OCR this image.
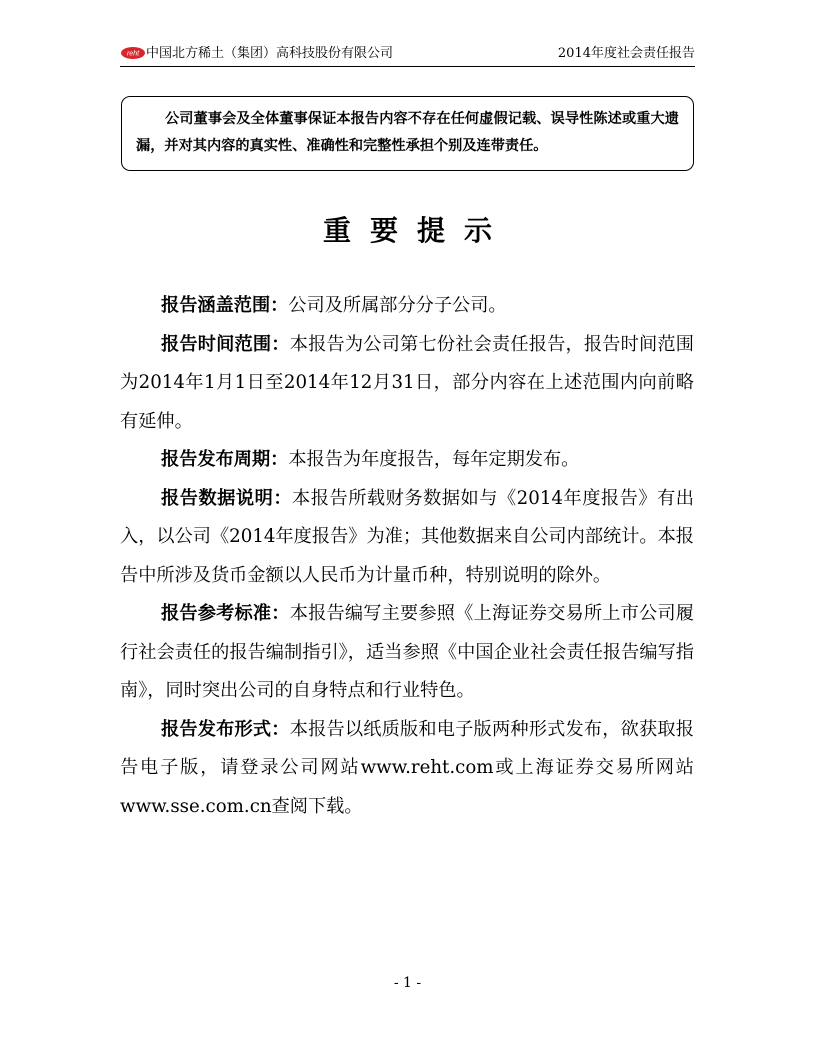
reht 中国北方稀土（集团）高科技股份有限公司	2014年度社会责任报告
公司董事会及全体董事保证本报告内容不存在任何虚假记载、误导性陈述或重大遗漏，并对其内容的真实性、准确性和完整性承担个别及连带责任。
重要提示

报告涵盖范围：公司及所属部分分子公司。

报告时间范围：本报告为公司第七份社会责任报告，报告时间范围为2014年1月1日至2014年12月31日，部分内容在上述范围内向前略有延伸。

报告发布周期：本报告为年度报告，每年定期发布。

报告数据说明：本报告所载财务数据如与《2014年度报告》有出入，以公司《2014年度报告》为准；其他数据来自公司内部统计。本报告中所涉及货币金额以人民币为计量币种，特别说明的除外。

报告参考标准：本报告编写主要参照《上海证券交易所上市公司履行社会责任的报告编制指引》，适当参照《中国企业社会责任报告编写指南》，同时突出公司的自身特点和行业特色。

报告发布形式：本报告以纸质版和电子版两种形式发布，欲获取报告电子版，请登录公司网站www.reht.com或上海证券交易所网站www.sse.com.cn查阅下载。

- 1 -
